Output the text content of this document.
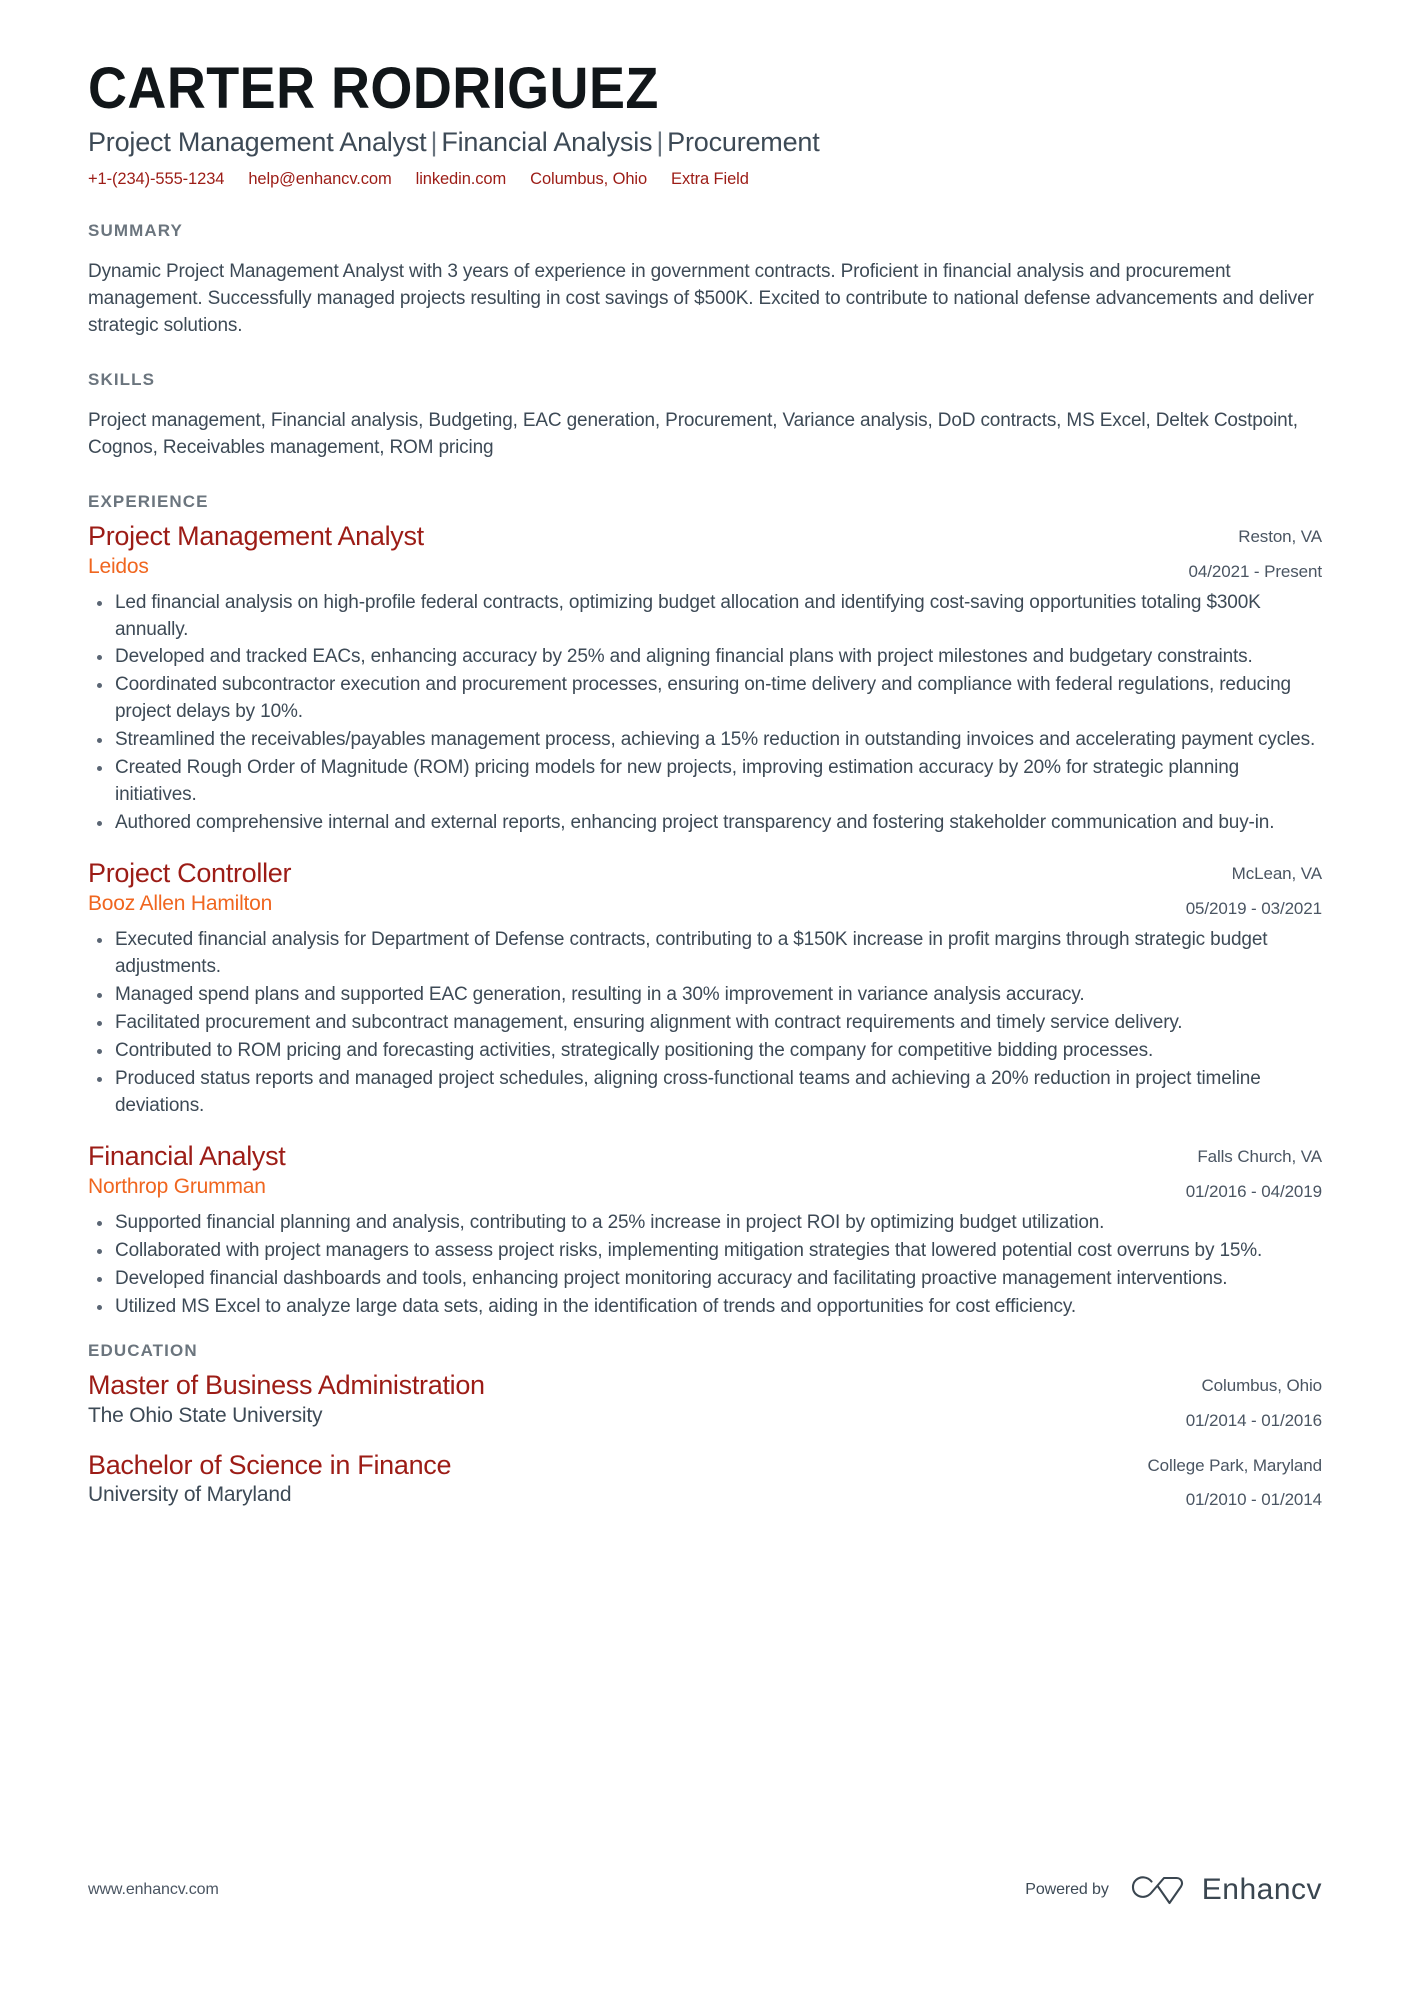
CARTER RODRIGUEZ
Project Management Analyst | Financial Analysis | Procurement
+1-(234)-555-1234 help@enhancv.com linkedin.com Columbus, Ohio Extra Field
SUMMARY
Dynamic Project Management Analyst with 3 years of experience in government contracts. Proficient in financial analysis and procurement management. Successfully managed projects resulting in cost savings of $500K. Excited to contribute to national defense advancements and deliver strategic solutions.
SKILLS
Project management, Financial analysis, Budgeting, EAC generation, Procurement, Variance analysis, DoD contracts, MS Excel, Deltek Costpoint, Cognos, Receivables management, ROM pricing
EXPERIENCE
Project Management Analyst
Leidos
Reston, VA
04/2021 - Present
Led financial analysis on high-profile federal contracts, optimizing budget allocation and identifying cost-saving opportunities totaling $300K annually.
Developed and tracked EACs, enhancing accuracy by 25% and aligning financial plans with project milestones and budgetary constraints.
Coordinated subcontractor execution and procurement processes, ensuring on-time delivery and compliance with federal regulations, reducing project delays by 10%.
Streamlined the receivables/payables management process, achieving a 15% reduction in outstanding invoices and accelerating payment cycles.
Created Rough Order of Magnitude (ROM) pricing models for new projects, improving estimation accuracy by 20% for strategic planning initiatives.
Authored comprehensive internal and external reports, enhancing project transparency and fostering stakeholder communication and buy-in.
Project Controller
Booz Allen Hamilton
McLean, VA
05/2019 - 03/2021
Executed financial analysis for Department of Defense contracts, contributing to a $150K increase in profit margins through strategic budget adjustments.
Managed spend plans and supported EAC generation, resulting in a 30% improvement in variance analysis accuracy.
Facilitated procurement and subcontract management, ensuring alignment with contract requirements and timely service delivery.
Contributed to ROM pricing and forecasting activities, strategically positioning the company for competitive bidding processes.
Produced status reports and managed project schedules, aligning cross-functional teams and achieving a 20% reduction in project timeline deviations.
Financial Analyst
Northrop Grumman
Falls Church, VA
01/2016 - 04/2019
Supported financial planning and analysis, contributing to a 25% increase in project ROI by optimizing budget utilization.
Collaborated with project managers to assess project risks, implementing mitigation strategies that lowered potential cost overruns by 15%.
Developed financial dashboards and tools, enhancing project monitoring accuracy and facilitating proactive management interventions.
Utilized MS Excel to analyze large data sets, aiding in the identification of trends and opportunities for cost efficiency.
EDUCATION
Master of Business Administration
The Ohio State University
Columbus, Ohio
01/2014 - 01/2016
Bachelor of Science in Finance
University of Maryland
College Park, Maryland
01/2010 - 01/2014
www.enhancv.com	Powered by	Enhancv
